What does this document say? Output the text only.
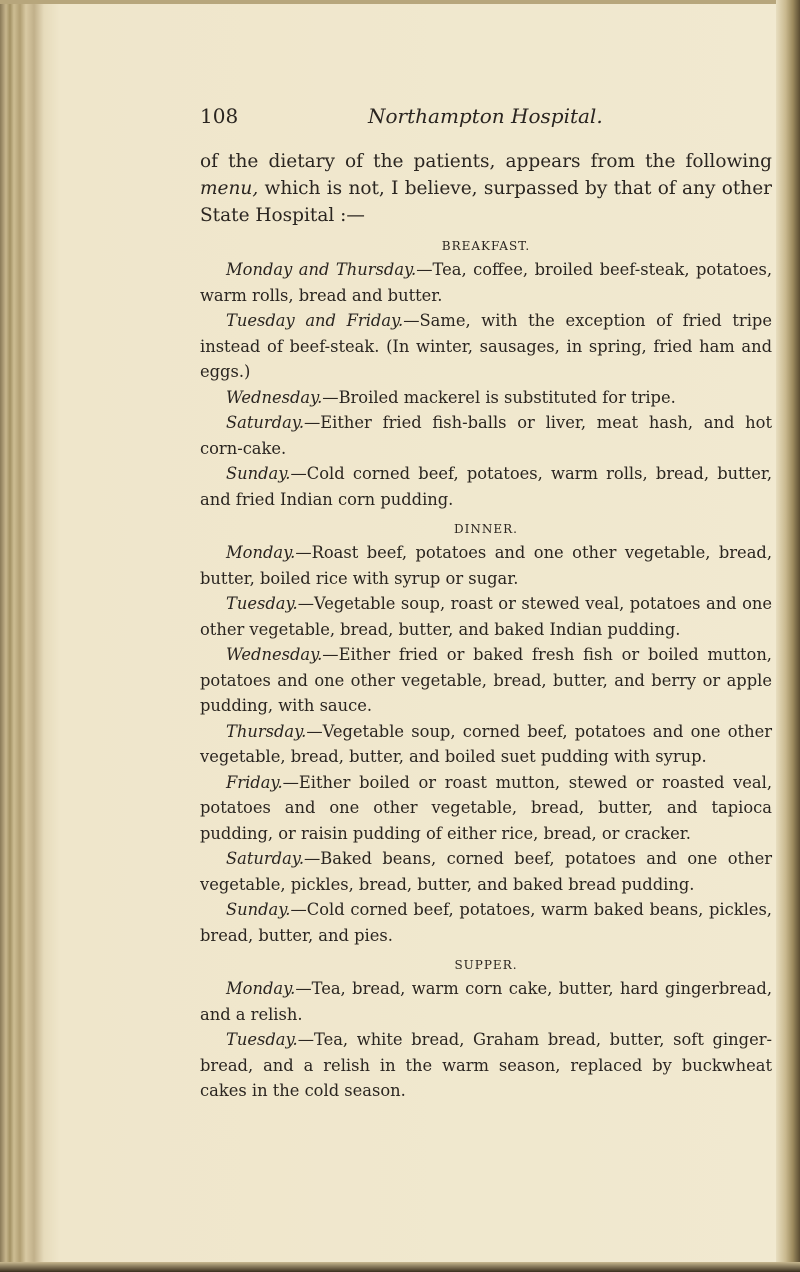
108	Northampton Hospital.

of the dietary of the patients, appears from the following menu, which is not, I believe, surpassed by that of any other State Hospital :—

BREAKFAST.

Monday and Thursday.—Tea, coffee, broiled beef-steak, potatoes, warm rolls, bread and butter.

Tuesday and Friday.—Same, with the exception of fried tripe instead of beef-steak. (In winter, sausages, in spring, fried ham and eggs.)

Wednesday.—Broiled mackerel is substituted for tripe.

Saturday.—Either fried fish-balls or liver, meat hash, and hot corn-cake.

Sunday.—Cold corned beef, potatoes, warm rolls, bread, butter, and fried Indian corn pudding.

DINNER.

Monday.—Roast beef, potatoes and one other vegetable, bread, butter, boiled rice with syrup or sugar.

Tuesday.—Vegetable soup, roast or stewed veal, potatoes and one other vegetable, bread, butter, and baked Indian pudding.

Wednesday.—Either fried or baked fresh fish or boiled mutton, potatoes and one other vegetable, bread, butter, and berry or apple pudding, with sauce.

Thursday.—Vegetable soup, corned beef, potatoes and one other vegetable, bread, butter, and boiled suet pudding with syrup.

Friday.—Either boiled or roast mutton, stewed or roasted veal, potatoes and one other vegetable, bread, butter, and tapioca pudding, or raisin pudding of either rice, bread, or cracker.

Saturday.—Baked beans, corned beef, potatoes and one other vegetable, pickles, bread, butter, and baked bread pudding.

Sunday.—Cold corned beef, potatoes, warm baked beans, pickles, bread, butter, and pies.

SUPPER.

Monday.—Tea, bread, warm corn cake, butter, hard gingerbread, and a relish.

Tuesday.—Tea, white bread, Graham bread, butter, soft ginger-bread, and a relish in the warm season, replaced by buckwheat cakes in the cold season.
